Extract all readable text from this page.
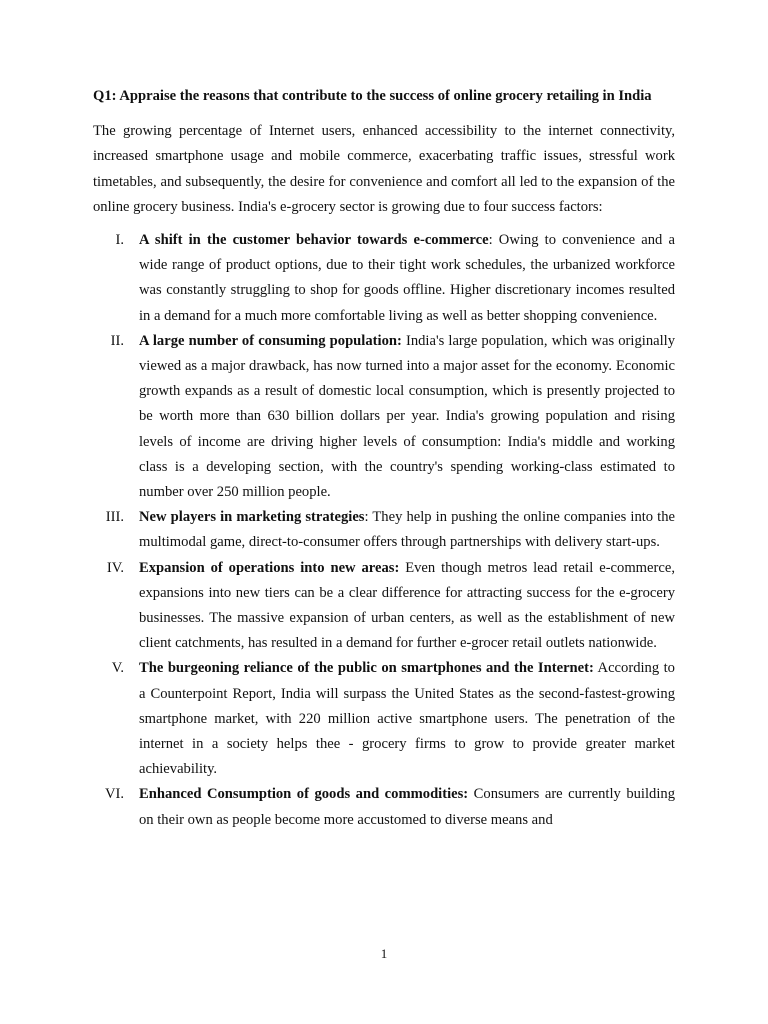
Q1: Appraise the reasons that contribute to the success of online grocery retailing in India

The growing percentage of Internet users, enhanced accessibility to the internet connectivity, increased smartphone usage and mobile commerce, exacerbating traffic issues, stressful work timetables, and subsequently, the desire for convenience and comfort all led to the expansion of the online grocery business. India's e-grocery sector is growing due to four success factors:

I. A shift in the customer behavior towards e-commerce: Owing to convenience and a wide range of product options, due to their tight work schedules, the urbanized workforce was constantly struggling to shop for goods offline. Higher discretionary incomes resulted in a demand for a much more comfortable living as well as better shopping convenience.
II. A large number of consuming population: India's large population, which was originally viewed as a major drawback, has now turned into a major asset for the economy. Economic growth expands as a result of domestic local consumption, which is presently projected to be worth more than 630 billion dollars per year. India's growing population and rising levels of income are driving higher levels of consumption: India's middle and working class is a developing section, with the country's spending working-class estimated to number over 250 million people.
III. New players in marketing strategies: They help in pushing the online companies into the multimodal game, direct-to-consumer offers through partnerships with delivery start-ups.
IV. Expansion of operations into new areas: Even though metros lead retail e-commerce, expansions into new tiers can be a clear difference for attracting success for the e-grocery businesses. The massive expansion of urban centers, as well as the establishment of new client catchments, has resulted in a demand for further e-grocer retail outlets nationwide.
V. The burgeoning reliance of the public on smartphones and the Internet: According to a Counterpoint Report, India will surpass the United States as the second-fastest-growing smartphone market, with 220 million active smartphone users. The penetration of the internet in a society helps thee - grocery firms to grow to provide greater market achievability.
VI. Enhanced Consumption of goods and commodities: Consumers are currently building on their own as people become more accustomed to diverse means and
1
